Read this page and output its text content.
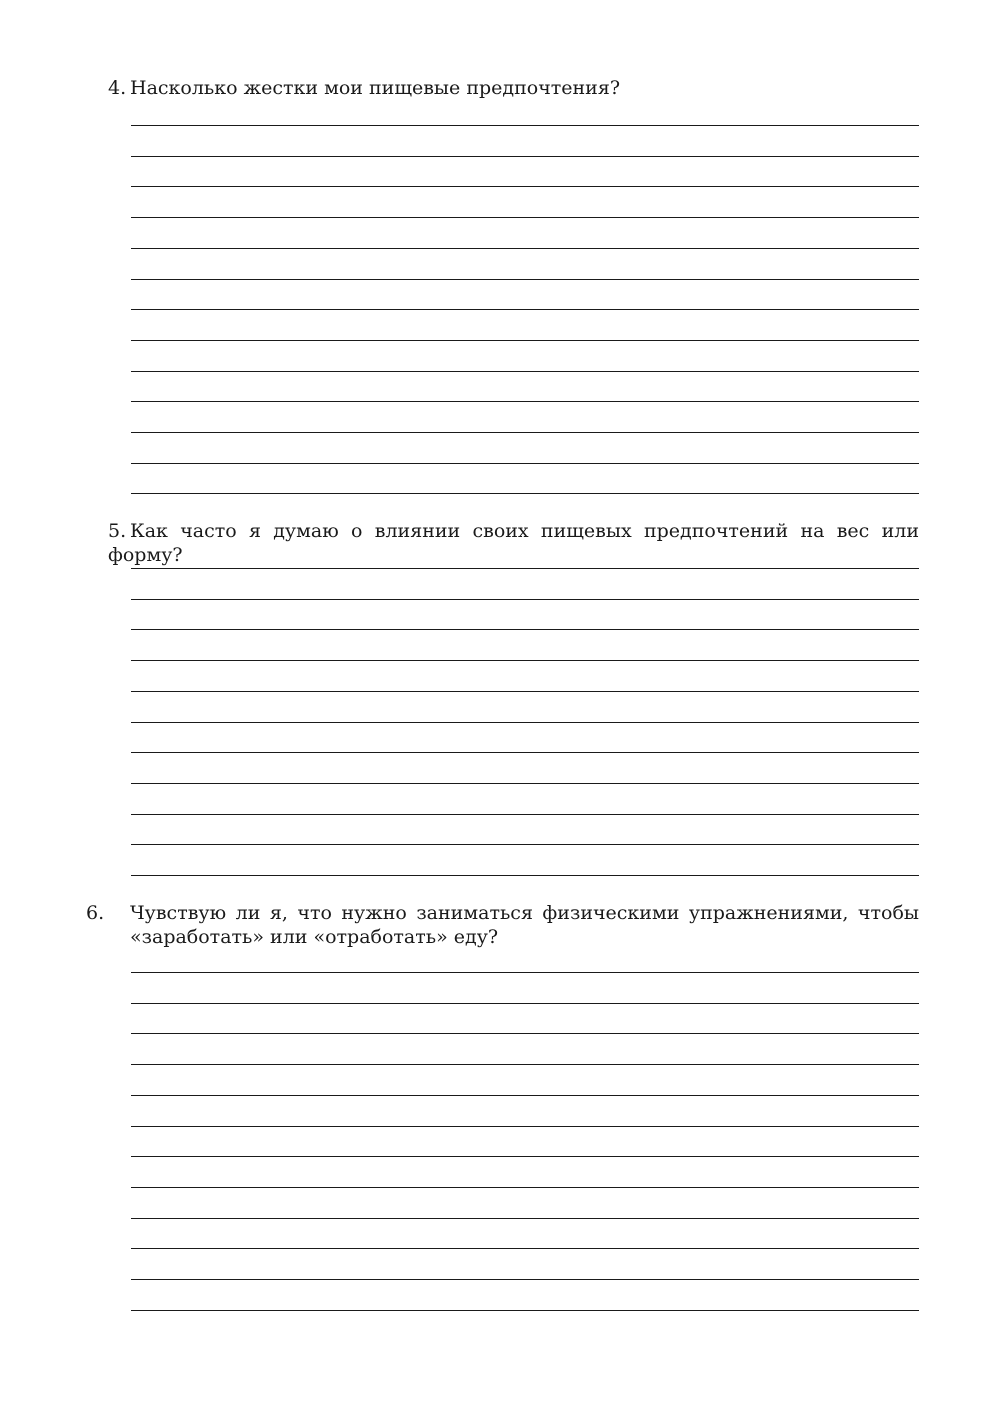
4. Насколько жестки мои пищевые предпочтения?

5. Как часто я думаю о влиянии своих пищевых предпочтений на вес или форму?

6. Чувствую ли я, что нужно заниматься физическими упражнениями, чтобы «заработать» или «отработать» еду?
